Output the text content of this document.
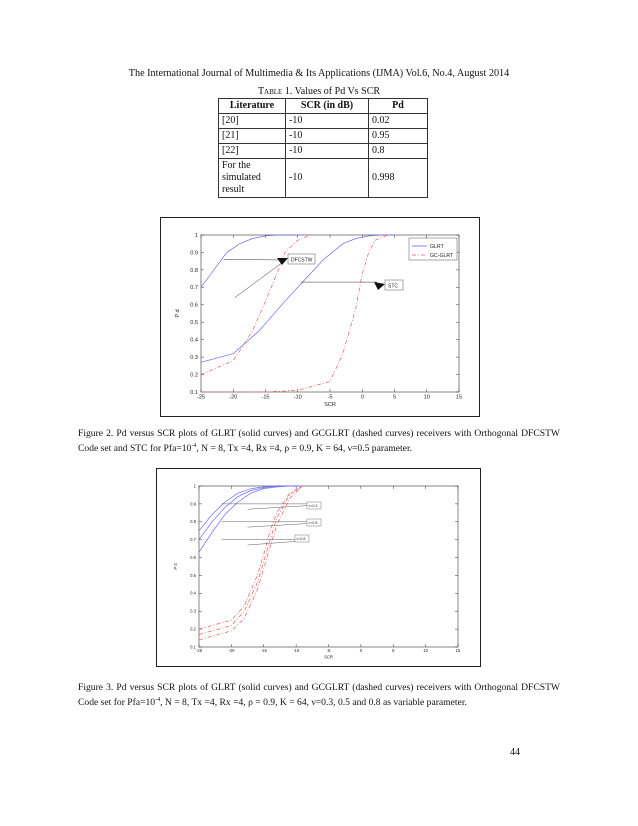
The International Journal of Multimedia & Its Applications (IJMA) Vol.6, No.4, August 2014
Table 1. Values of Pd Vs SCR
Literature	SCR (in dB)	Pd
[20]	-10	0.02
[21]	-10	0.95
[22]	-10	0.8
For the simulated result	-10	0.998
-25	-20	-15	-10	-5	0	5	10	15
0.1
0.2
0.3
0.4
0.5
0.6
0.7
0.8
0.9
1
SCR
P d
GLRT
GC-GLRT
DFCSTW
STC
Figure 2. Pd versus SCR plots of GLRT (solid curves) and GCGLRT (dashed curves) receivers with Orthogonal DFCSTW Code set and STC for $Pfa=10^{-4}$, N = 8, Tx =4, Rx =4, ρ = 0.9, K = 64, ν=0.5 parameter.
-25	-20	-15	-10	-5	0	5	10	15
0.1
0.2
0.3
0.4
0.5
0.6
0.7
0.8
0.9
1
SCR
P d
ν=0.3
ν=0.5
ν=0.8
Figure 3. Pd versus SCR plots of GLRT (solid curves) and GCGLRT (dashed curves) receivers with Orthogonal DFCSTW Code set for $Pfa=10^{-4}$, N = 8, Tx =4, Rx =4, ρ = 0.9, K = 64, ν=0.3, 0.5 and 0.8 as variable parameter.
44
